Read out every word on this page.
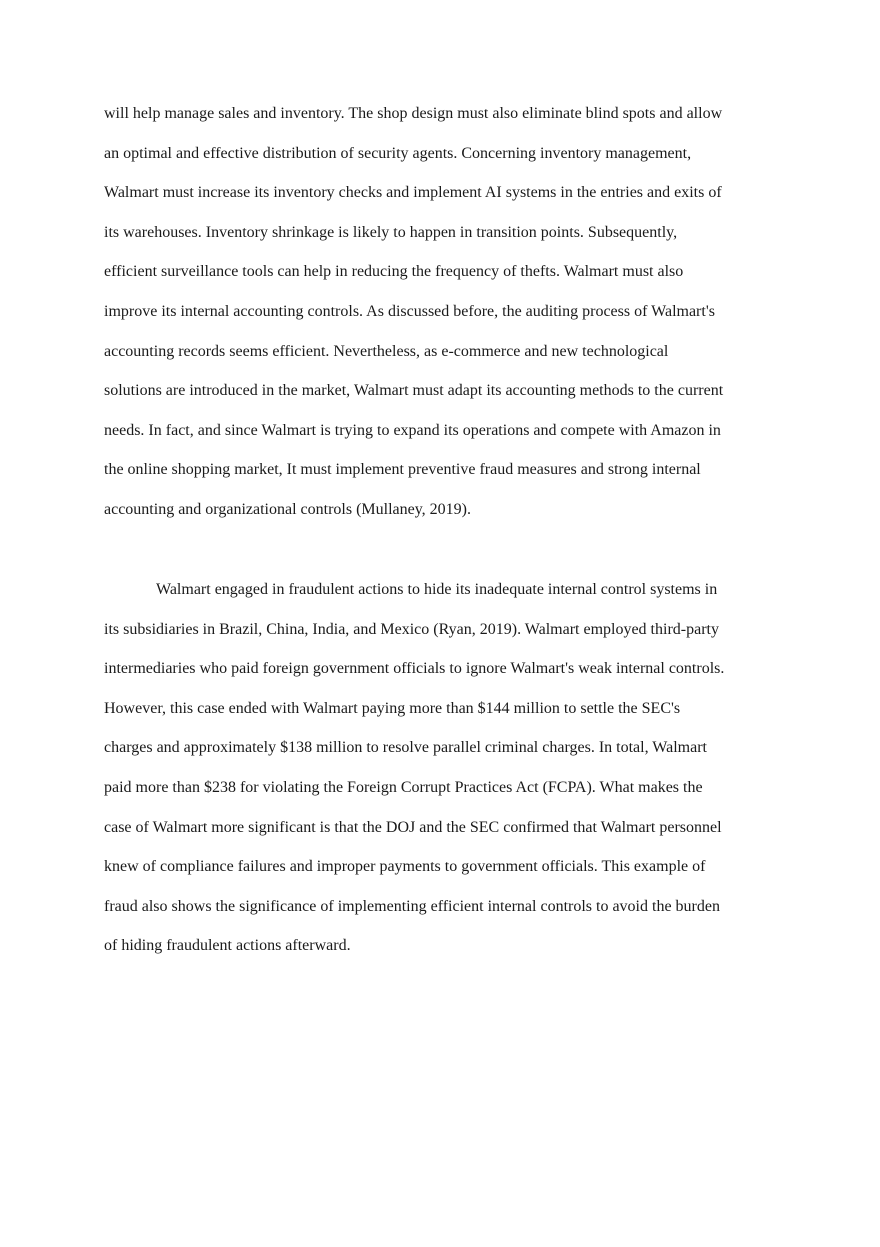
will help manage sales and inventory. The shop design must also eliminate blind spots and allow
an optimal and effective distribution of security agents. Concerning inventory management,
Walmart must increase its inventory checks and implement AI systems in the entries and exits of
its warehouses. Inventory shrinkage is likely to happen in transition points. Subsequently,
efficient surveillance tools can help in reducing the frequency of thefts. Walmart must also
improve its internal accounting controls. As discussed before, the auditing process of Walmart's
accounting records seems efficient. Nevertheless, as e-commerce and new technological
solutions are introduced in the market, Walmart must adapt its accounting methods to the current
needs. In fact, and since Walmart is trying to expand its operations and compete with Amazon in
the online shopping market, It must implement preventive fraud measures and strong internal
accounting and organizational controls (Mullaney, 2019).
Walmart engaged in fraudulent actions to hide its inadequate internal control systems in
its subsidiaries in Brazil, China, India, and Mexico (Ryan, 2019). Walmart employed third-party
intermediaries who paid foreign government officials to ignore Walmart's weak internal controls.
However, this case ended with Walmart paying more than $144 million to settle the SEC's
charges and approximately $138 million to resolve parallel criminal charges. In total, Walmart
paid more than $238 for violating the Foreign Corrupt Practices Act (FCPA). What makes the
case of Walmart more significant is that the DOJ and the SEC confirmed that Walmart personnel
knew of compliance failures and improper payments to government officials. This example of
fraud also shows the significance of implementing efficient internal controls to avoid the burden
of hiding fraudulent actions afterward.
